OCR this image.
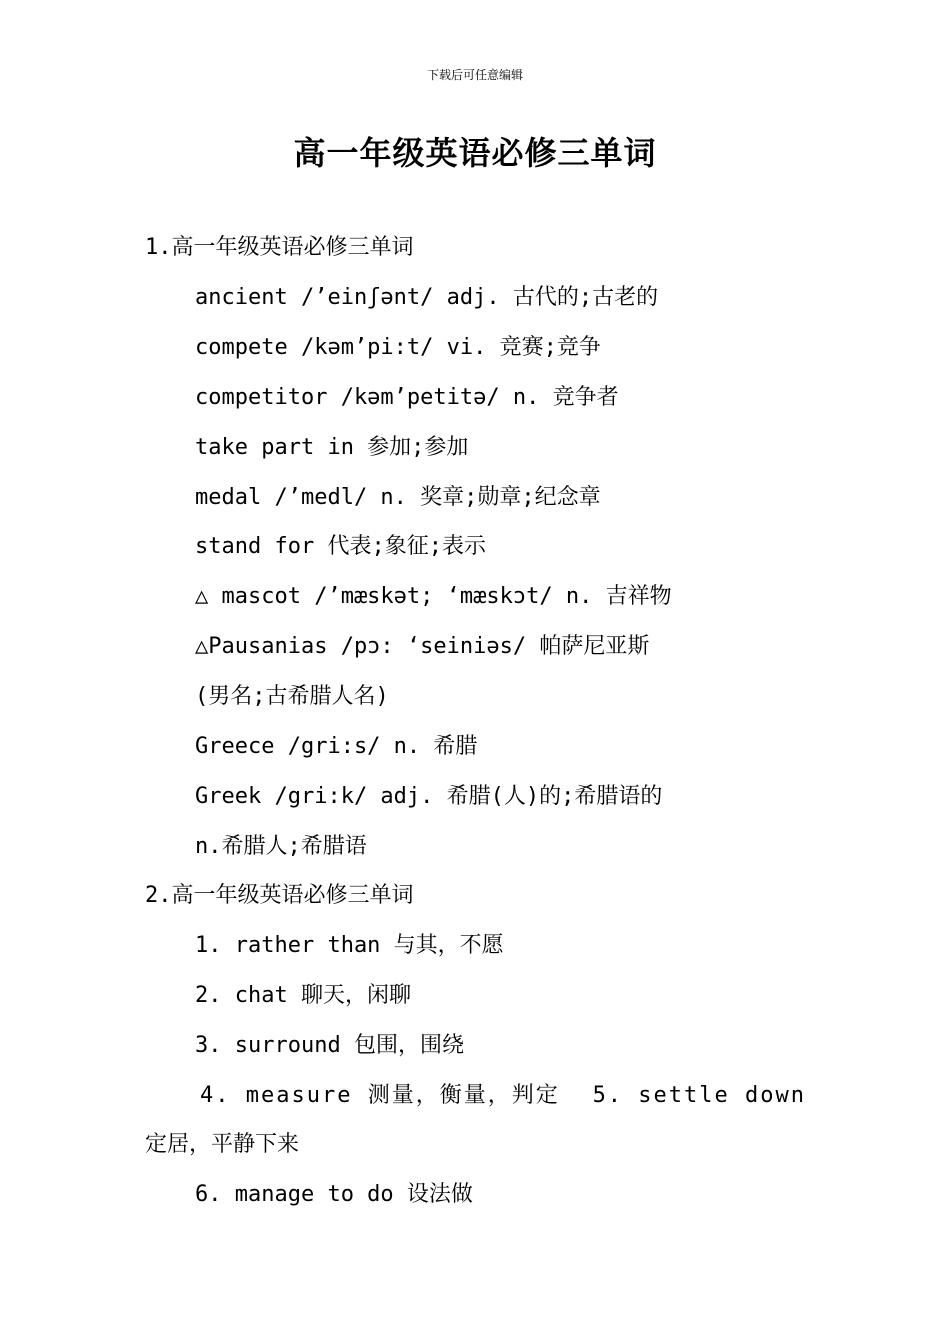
下载后可任意编辑
高一年级英语必修三单词
1.高一年级英语必修三单词
ancient /’einʃənt/ adj. 古代的;古老的
compete /kəm’pi:t/ vi. 竞赛;竞争
competitor /kəm’petitə/ n. 竞争者
take part in 参加;参加
medal /’medl/ n. 奖章;勋章;纪念章
stand for 代表;象征;表示
△ mascot /’mæskət; ‘mæskɔt/ n. 吉祥物
△Pausanias /pɔ: ‘seiniəs/ 帕萨尼亚斯
(男名;古希腊人名)
Greece /gri:s/ n. 希腊
Greek /gri:k/ adj. 希腊(人)的;希腊语的
n.希腊人;希腊语
2.高一年级英语必修三单词
1. rather than 与其，不愿
2. chat 聊天，闲聊
3. surround 包围，围绕
4. measure 测量，衡量，判定 5. settle down
定居，平静下来
6. manage to do 设法做
